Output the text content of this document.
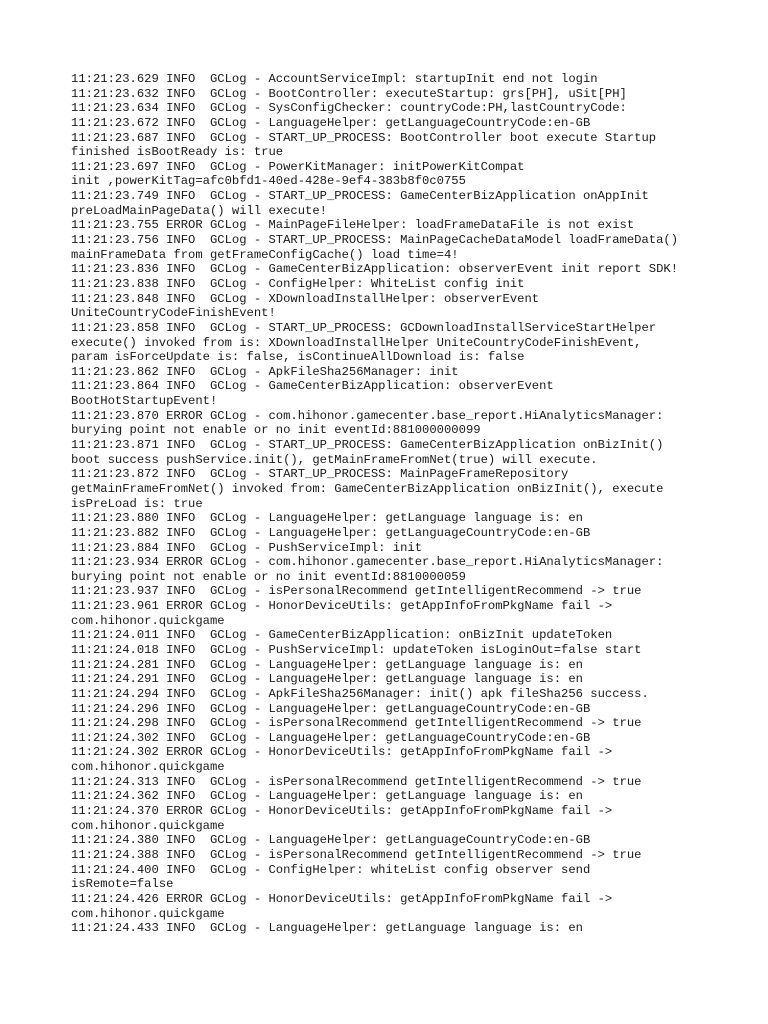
11:21:23.629 INFO  GCLog - AccountServiceImpl: startupInit end not login
11:21:23.632 INFO  GCLog - BootController: executeStartup: grs[PH], uSit[PH]
11:21:23.634 INFO  GCLog - SysConfigChecker: countryCode:PH,lastCountryCode:
11:21:23.672 INFO  GCLog - LanguageHelper: getLanguageCountryCode:en-GB
11:21:23.687 INFO  GCLog - START_UP_PROCESS: BootController boot execute Startup
finished isBootReady is: true
11:21:23.697 INFO  GCLog - PowerKitManager: initPowerKitCompat
init ,powerKitTag=afc0bfd1-40ed-428e-9ef4-383b8f0c0755
11:21:23.749 INFO  GCLog - START_UP_PROCESS: GameCenterBizApplication onAppInit
preLoadMainPageData() will execute!
11:21:23.755 ERROR GCLog - MainPageFileHelper: loadFrameDataFile is not exist
11:21:23.756 INFO  GCLog - START_UP_PROCESS: MainPageCacheDataModel loadFrameData()
mainFrameData from getFrameConfigCache() load time=4!
11:21:23.836 INFO  GCLog - GameCenterBizApplication: observerEvent init report SDK!
11:21:23.838 INFO  GCLog - ConfigHelper: WhiteList config init
11:21:23.848 INFO  GCLog - XDownloadInstallHelper: observerEvent
UniteCountryCodeFinishEvent!
11:21:23.858 INFO  GCLog - START_UP_PROCESS: GCDownloadInstallServiceStartHelper
execute() invoked from is: XDownloadInstallHelper UniteCountryCodeFinishEvent,
param isForceUpdate is: false, isContinueAllDownload is: false
11:21:23.862 INFO  GCLog - ApkFileSha256Manager: init
11:21:23.864 INFO  GCLog - GameCenterBizApplication: observerEvent
BootHotStartupEvent!
11:21:23.870 ERROR GCLog - com.hihonor.gamecenter.base_report.HiAnalyticsManager:
burying point not enable or no init eventId:881000000099
11:21:23.871 INFO  GCLog - START_UP_PROCESS: GameCenterBizApplication onBizInit()
boot success pushService.init(), getMainFrameFromNet(true) will execute.
11:21:23.872 INFO  GCLog - START_UP_PROCESS: MainPageFrameRepository
getMainFrameFromNet() invoked from: GameCenterBizApplication onBizInit(), execute
isPreLoad is: true
11:21:23.880 INFO  GCLog - LanguageHelper: getLanguage language is: en
11:21:23.882 INFO  GCLog - LanguageHelper: getLanguageCountryCode:en-GB
11:21:23.884 INFO  GCLog - PushServiceImpl: init
11:21:23.934 ERROR GCLog - com.hihonor.gamecenter.base_report.HiAnalyticsManager:
burying point not enable or no init eventId:8810000059
11:21:23.937 INFO  GCLog - isPersonalRecommend getIntelligentRecommend -> true
11:21:23.961 ERROR GCLog - HonorDeviceUtils: getAppInfoFromPkgName fail ->
com.hihonor.quickgame
11:21:24.011 INFO  GCLog - GameCenterBizApplication: onBizInit updateToken
11:21:24.018 INFO  GCLog - PushServiceImpl: updateToken isLoginOut=false start
11:21:24.281 INFO  GCLog - LanguageHelper: getLanguage language is: en
11:21:24.291 INFO  GCLog - LanguageHelper: getLanguage language is: en
11:21:24.294 INFO  GCLog - ApkFileSha256Manager: init() apk fileSha256 success.
11:21:24.296 INFO  GCLog - LanguageHelper: getLanguageCountryCode:en-GB
11:21:24.298 INFO  GCLog - isPersonalRecommend getIntelligentRecommend -> true
11:21:24.302 INFO  GCLog - LanguageHelper: getLanguageCountryCode:en-GB
11:21:24.302 ERROR GCLog - HonorDeviceUtils: getAppInfoFromPkgName fail ->
com.hihonor.quickgame
11:21:24.313 INFO  GCLog - isPersonalRecommend getIntelligentRecommend -> true
11:21:24.362 INFO  GCLog - LanguageHelper: getLanguage language is: en
11:21:24.370 ERROR GCLog - HonorDeviceUtils: getAppInfoFromPkgName fail ->
com.hihonor.quickgame
11:21:24.380 INFO  GCLog - LanguageHelper: getLanguageCountryCode:en-GB
11:21:24.388 INFO  GCLog - isPersonalRecommend getIntelligentRecommend -> true
11:21:24.400 INFO  GCLog - ConfigHelper: whiteList config observer send
isRemote=false
11:21:24.426 ERROR GCLog - HonorDeviceUtils: getAppInfoFromPkgName fail ->
com.hihonor.quickgame
11:21:24.433 INFO  GCLog - LanguageHelper: getLanguage language is: en
